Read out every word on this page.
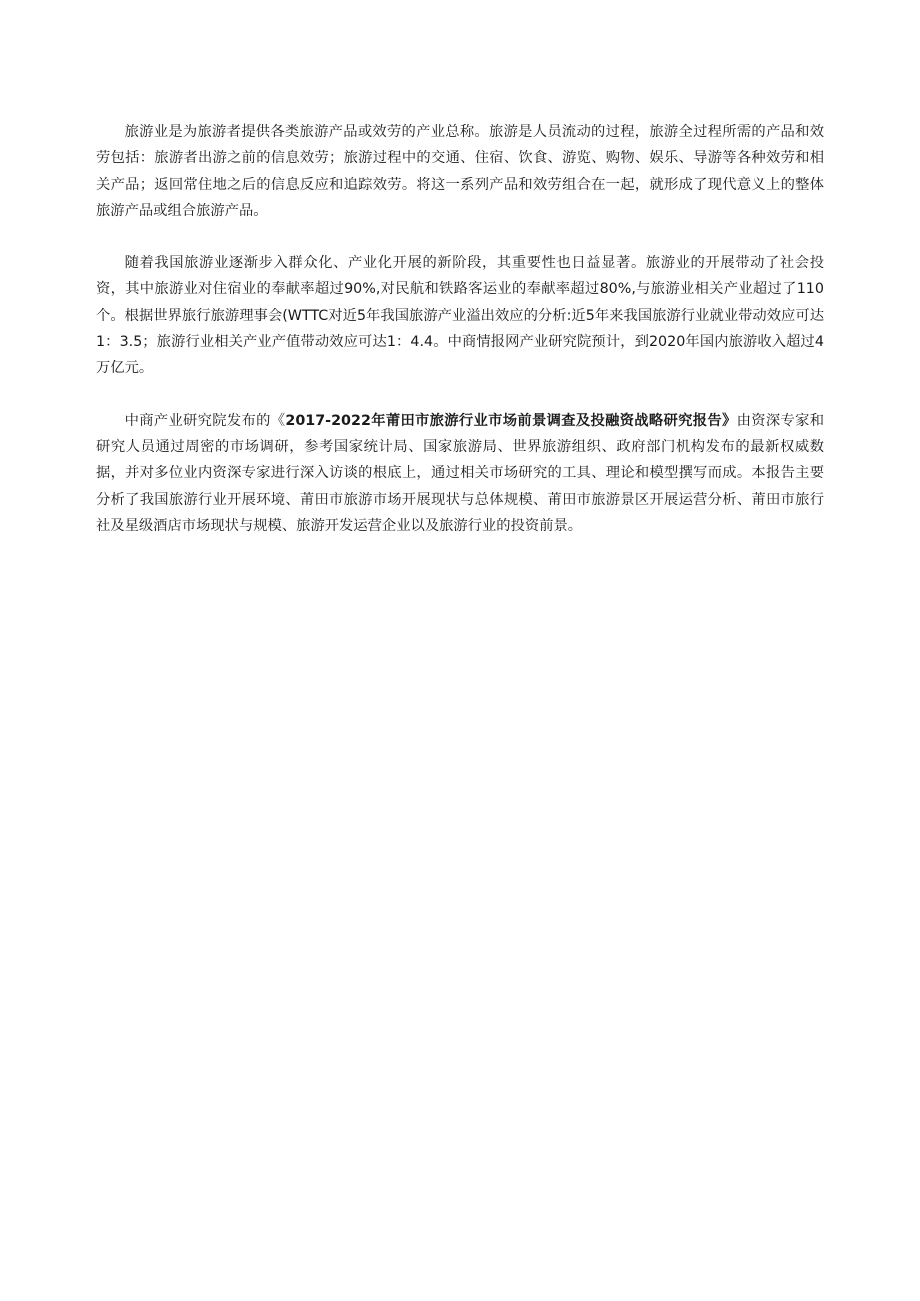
旅游业是为旅游者提供各类旅游产品或效劳的产业总称。旅游是人员流动的过程，旅游全过程所需的产品和效劳包括：旅游者出游之前的信息效劳；旅游过程中的交通、住宿、饮食、游览、购物、娱乐、导游等各种效劳和相关产品；返回常住地之后的信息反应和追踪效劳。将这一系列产品和效劳组合在一起，就形成了现代意义上的整体旅游产品或组合旅游产品。

随着我国旅游业逐渐步入群众化、产业化开展的新阶段，其重要性也日益显著。旅游业的开展带动了社会投资，其中旅游业对住宿业的奉献率超过90%,对民航和铁路客运业的奉献率超过80%,与旅游业相关产业超过了110个。根据世界旅行旅游理事会(WTTC对近5年我国旅游产业溢出效应的分析:近5年来我国旅游行业就业带动效应可达1：3.5；旅游行业相关产业产值带动效应可达1：4.4。中商情报网产业研究院预计，到2020年国内旅游收入超过4万亿元。

中商产业研究院发布的《2017-2022年莆田市旅游行业市场前景调查及投融资战略研究报告》由资深专家和研究人员通过周密的市场调研，参考国家统计局、国家旅游局、世界旅游组织、政府部门机构发布的最新权威数据，并对多位业内资深专家进行深入访谈的根底上，通过相关市场研究的工具、理论和模型撰写而成。本报告主要分析了我国旅游行业开展环境、莆田市旅游市场开展现状与总体规模、莆田市旅游景区开展运营分析、莆田市旅行社及星级酒店市场现状与规模、旅游开发运营企业以及旅游行业的投资前景。
